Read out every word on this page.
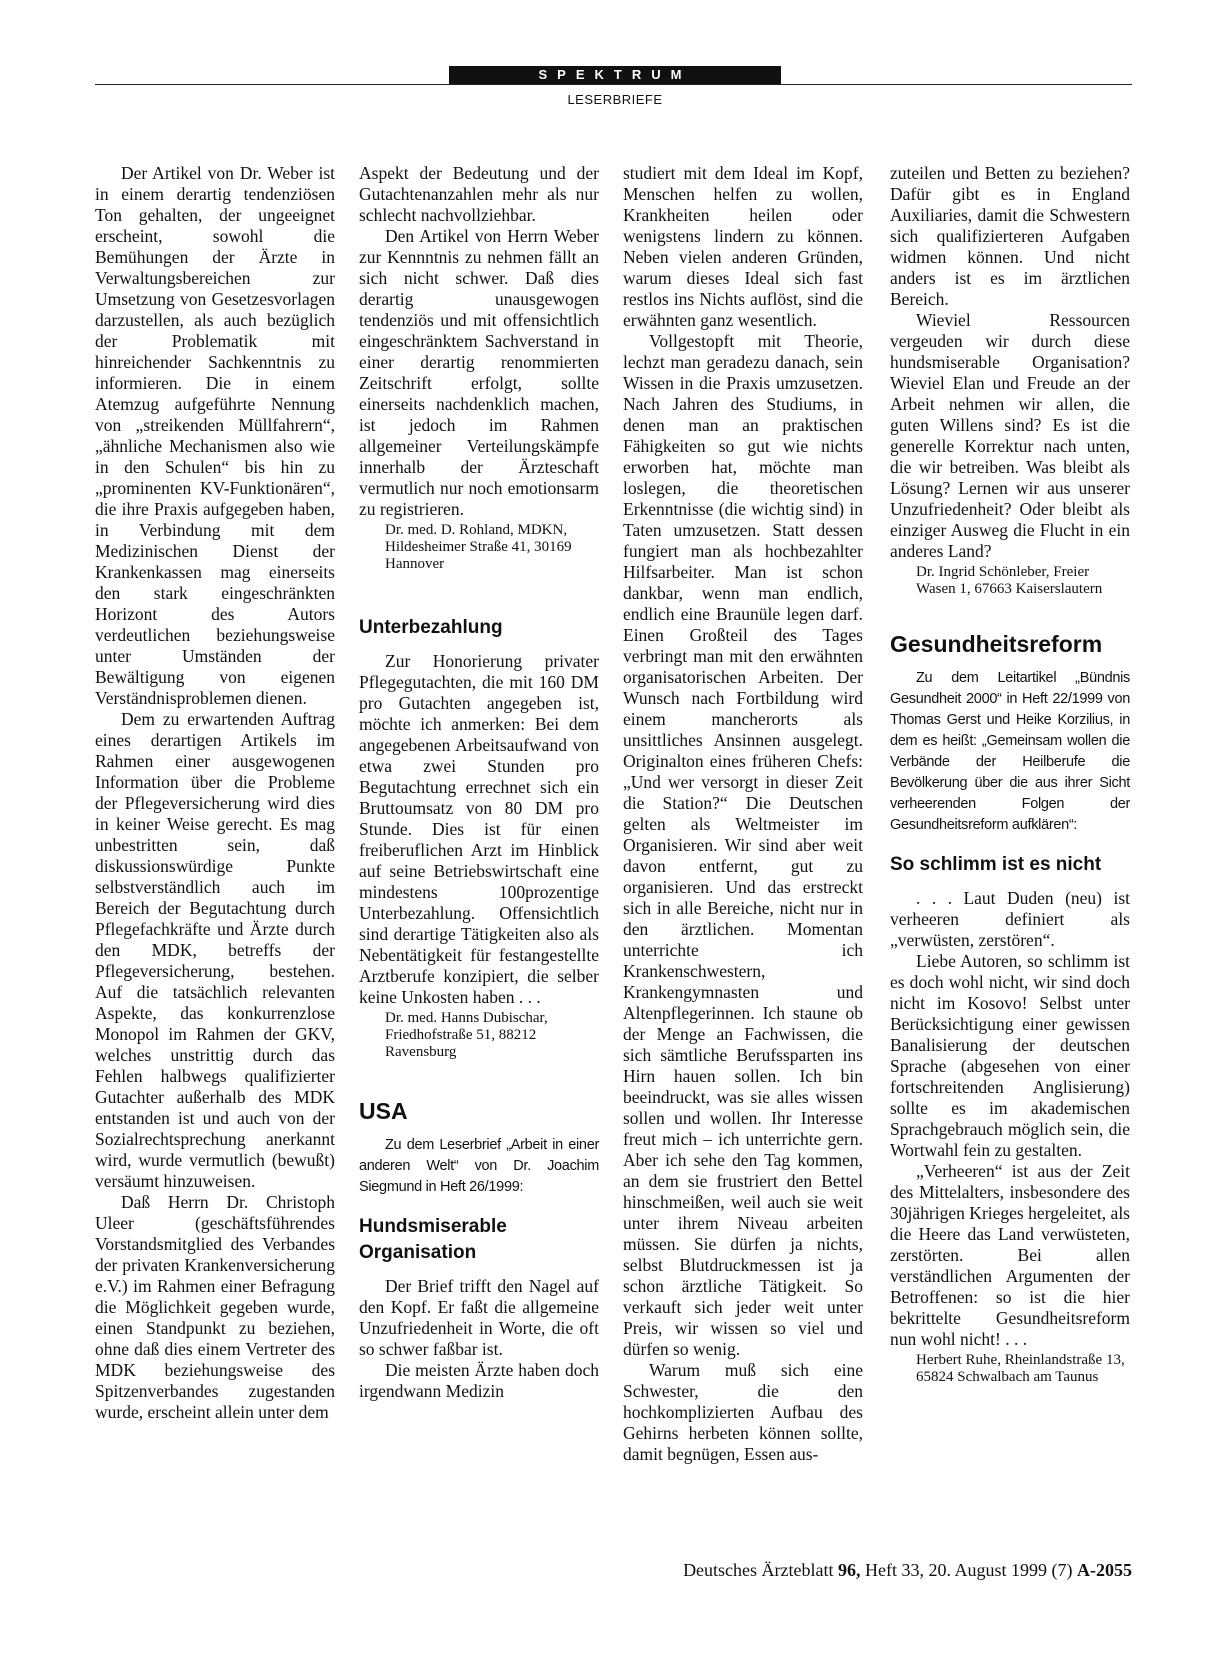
SPEKTRUM
LESERBRIEFE

Der Artikel von Dr. Weber ist in einem derartig tendenziösen Ton gehalten, der ungeeignet erscheint, sowohl die Bemühungen der Ärzte in Verwaltungsbereichen zur Umsetzung von Gesetzesvorlagen darzustellen, als auch bezüglich der Problematik mit hinreichender Sachkenntnis zu informieren. Die in einem Atemzug aufgeführte Nennung von „streikenden Müllfahrern“, „ähnliche Mechanismen also wie in den Schulen“ bis hin zu „prominenten KV-Funktionären“, die ihre Praxis aufgegeben haben, in Verbindung mit dem Medizinischen Dienst der Krankenkassen mag einerseits den stark eingeschränkten Horizont des Autors verdeutlichen beziehungsweise unter Umständen der Bewältigung von eigenen Verständnisproblemen dienen.

Dem zu erwartenden Auftrag eines derartigen Artikels im Rahmen einer ausgewogenen Information über die Probleme der Pflegeversicherung wird dies in keiner Weise gerecht. Es mag unbestritten sein, daß diskussionswürdige Punkte selbstverständlich auch im Bereich der Begutachtung durch Pflegefachkräfte und Ärzte durch den MDK, betreffs der Pflegeversicherung, bestehen. Auf die tatsächlich relevanten Aspekte, das konkurrenzlose Monopol im Rahmen der GKV, welches unstrittig durch das Fehlen halbwegs qualifizierter Gutachter außerhalb des MDK entstanden ist und auch von der Sozialrechtsprechung anerkannt wird, wurde vermutlich (bewußt) versäumt hinzuweisen.

Daß Herrn Dr. Christoph Uleer (geschäftsführendes Vorstandsmitglied des Verbandes der privaten Krankenversicherung e.V.) im Rahmen einer Befragung die Möglichkeit gegeben wurde, einen Standpunkt zu beziehen, ohne daß dies einem Vertreter des MDK beziehungsweise des Spitzenverbandes zugestanden wurde, erscheint allein unter dem

Aspekt der Bedeutung und der Gutachtenanzahlen mehr als nur schlecht nachvollziehbar.

Den Artikel von Herrn Weber zur Kennntnis zu nehmen fällt an sich nicht schwer. Daß dies derartig unausgewogen tendenziös und mit offensichtlich eingeschränktem Sachverstand in einer derartig renommierten Zeitschrift erfolgt, sollte einerseits nachdenklich machen, ist jedoch im Rahmen allgemeiner Verteilungskämpfe innerhalb der Ärzteschaft vermutlich nur noch emotionsarm zu registrieren.

Dr. med. D. Rohland, MDKN, Hildesheimer Straße 41, 30169 Hannover
Unterbezahlung

Zur Honorierung privater Pflegegutachten, die mit 160 DM pro Gutachten angegeben ist, möchte ich anmerken: Bei dem angegebenen Arbeitsaufwand von etwa zwei Stunden pro Begutachtung errechnet sich ein Bruttoumsatz von 80 DM pro Stunde. Dies ist für einen freiberuflichen Arzt im Hinblick auf seine Betriebswirtschaft eine mindestens 100prozentige Unterbezahlung. Offensichtlich sind derartige Tätigkeiten also als Nebentätigkeit für festangestellte Arztberufe konzipiert, die selber keine Unkosten haben . . .

Dr. med. Hanns Dubischar, Friedhofstraße 51, 88212 Ravensburg
USA

Zu dem Leserbrief „Arbeit in einer anderen Welt“ von Dr. Joachim Siegmund in Heft 26/1999:

Hundsmiserable Organisation

Der Brief trifft den Nagel auf den Kopf. Er faßt die allgemeine Unzufriedenheit in Worte, die oft so schwer faßbar ist.

Die meisten Ärzte haben doch irgendwann Medizin

studiert mit dem Ideal im Kopf, Menschen helfen zu wollen, Krankheiten heilen oder wenigstens lindern zu können. Neben vielen anderen Gründen, warum dieses Ideal sich fast restlos ins Nichts auflöst, sind die erwähnten ganz wesentlich.

Vollgestopft mit Theorie, lechzt man geradezu danach, sein Wissen in die Praxis umzusetzen. Nach Jahren des Studiums, in denen man an praktischen Fähigkeiten so gut wie nichts erworben hat, möchte man loslegen, die theoretischen Erkenntnisse (die wichtig sind) in Taten umzusetzen. Statt dessen fungiert man als hochbezahlter Hilfsarbeiter. Man ist schon dankbar, wenn man endlich, endlich eine Braunüle legen darf. Einen Großteil des Tages verbringt man mit den erwähnten organisatorischen Arbeiten. Der Wunsch nach Fortbildung wird einem mancherorts als unsittliches Ansinnen ausgelegt. Originalton eines früheren Chefs: „Und wer versorgt in dieser Zeit die Station?“ Die Deutschen gelten als Weltmeister im Organisieren. Wir sind aber weit davon entfernt, gut zu organisieren. Und das erstreckt sich in alle Bereiche, nicht nur in den ärztlichen. Momentan unterrichte ich Krankenschwestern, Krankengymnasten und Altenpflegerinnen. Ich staune ob der Menge an Fachwissen, die sich sämtliche Berufssparten ins Hirn hauen sollen. Ich bin beeindruckt, was sie alles wissen sollen und wollen. Ihr Interesse freut mich – ich unterrichte gern. Aber ich sehe den Tag kommen, an dem sie frustriert den Bettel hinschmeißen, weil auch sie weit unter ihrem Niveau arbeiten müssen. Sie dürfen ja nichts, selbst Blutdruckmessen ist ja schon ärztliche Tätigkeit. So verkauft sich jeder weit unter Preis, wir wissen so viel und dürfen so wenig.

Warum muß sich eine Schwester, die den hochkomplizierten Aufbau des Gehirns herbeten können sollte, damit begnügen, Essen aus-

zuteilen und Betten zu beziehen? Dafür gibt es in England Auxiliaries, damit die Schwestern sich qualifizierteren Aufgaben widmen können. Und nicht anders ist es im ärztlichen Bereich.

Wieviel Ressourcen vergeuden wir durch diese hundsmiserable Organisation? Wieviel Elan und Freude an der Arbeit nehmen wir allen, die guten Willens sind? Es ist die generelle Korrektur nach unten, die wir betreiben. Was bleibt als Lösung? Lernen wir aus unserer Unzufriedenheit? Oder bleibt als einziger Ausweg die Flucht in ein anderes Land?

Dr. Ingrid Schönleber, Freier Wasen 1, 67663 Kaiserslautern
Gesundheitsreform

Zu dem Leitartikel „Bündnis Gesundheit 2000“ in Heft 22/1999 von Thomas Gerst und Heike Korzilius, in dem es heißt: „Gemeinsam wollen die Verbände der Heilberufe die Bevölkerung über die aus ihrer Sicht verheerenden Folgen der Gesundheitsreform aufklären“:

So schlimm ist es nicht

. . . Laut Duden (neu) ist verheeren definiert als „verwüsten, zerstören“.

Liebe Autoren, so schlimm ist es doch wohl nicht, wir sind doch nicht im Kosovo! Selbst unter Berücksichtigung einer gewissen Banalisierung der deutschen Sprache (abgesehen von einer fortschreitenden Anglisierung) sollte es im akademischen Sprachgebrauch möglich sein, die Wortwahl fein zu gestalten.

„Verheeren“ ist aus der Zeit des Mittelalters, insbesondere des 30jährigen Krieges hergeleitet, als die Heere das Land verwüsteten, zerstörten. Bei allen verständlichen Argumenten der Betroffenen: so ist die hier bekrittelte Gesundheitsreform nun wohl nicht! . . .

Herbert Ruhe, Rheinlandstraße 13, 65824 Schwalbach am Taunus
Deutsches Ärzteblatt 96, Heft 33, 20. August 1999 (7) A-2055
